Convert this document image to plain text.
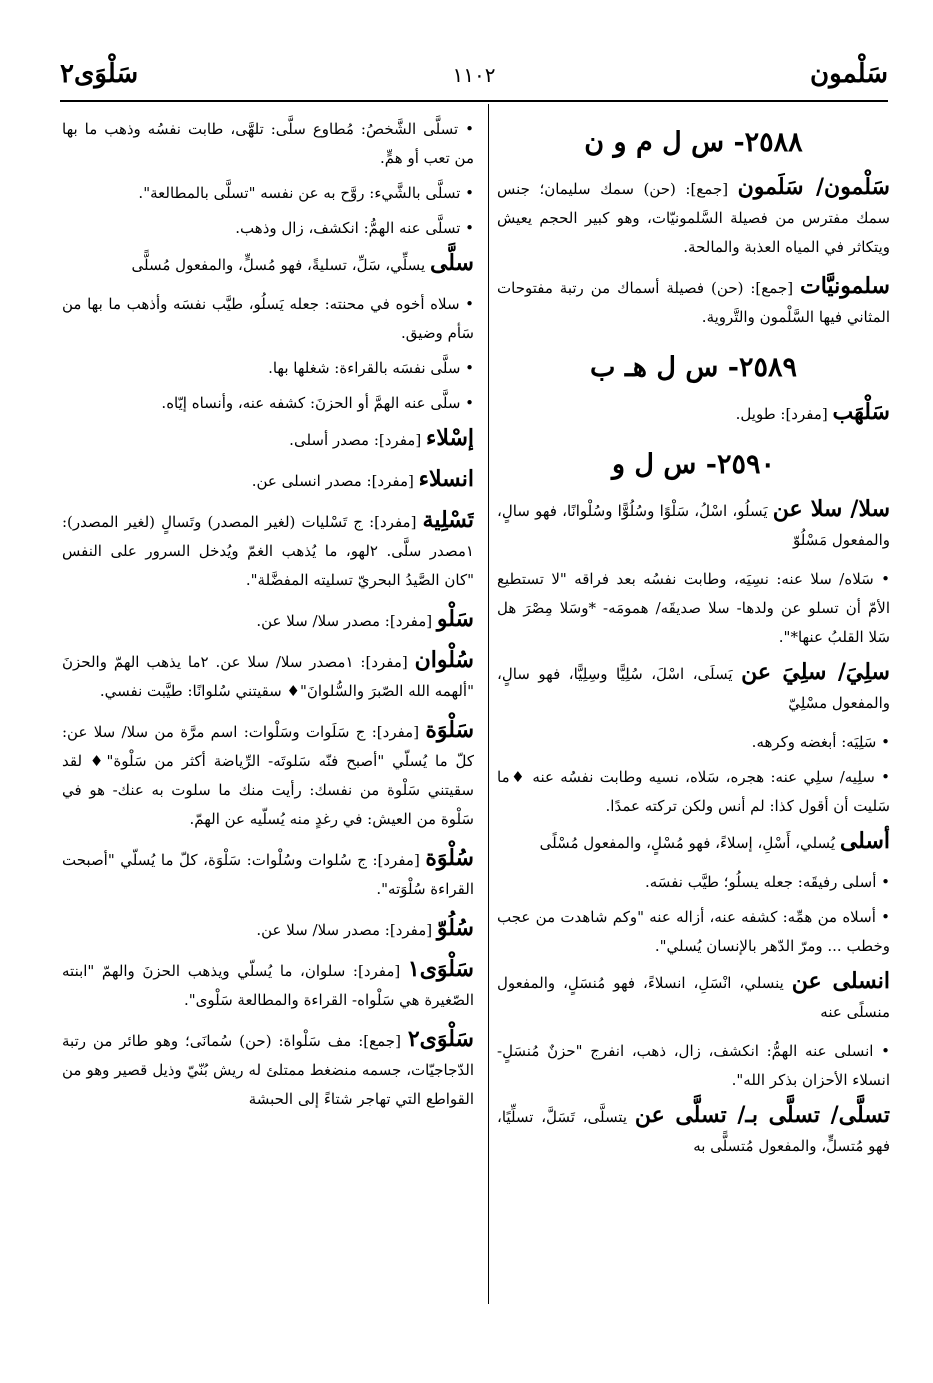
سَلْمون
١١٠٢
سَلْوَى٢
٢٥٨٨- س ل م و ن
سَلْمون/ سَلَمون [جمع]: (حن) سمك سليمان؛ جنس سمك مفترس من فصيلة السَّلمونيّات، وهو كبير الحجم يعيش ويتكاثر في المياه العذبة والمالحة.
سلمونيَّات [جمع]: (حن) فصيلة أسماك من رتبة مفتوحات المثاني فيها السَّلْمون والتَّروية.
٢٥٨٩- س ل هـ ب
سَلْهَب [مفرد]: طويل.
٢٥٩٠- س ل و
سلا/ سلا عن يَسلُو، اسْلُ، سَلْوًا وسُلُوًّا وسُلْوانًا، فهو سالٍ، والمفعول مَسْلُوّ
• سَلاه/ سلا عنه: نسِيَه، وطابت نفسُه بعد فراقه "لا تستطيع الأمّ أن تسلو عن ولدها- سلا صديقَه/ همومَه- *وسَلا مِصْرَ هل سَلا القلبُ عنها*".
سلِيَ/ سلِيَ عن يَسلَى، اسْلَ، سُلِيًّا وسِلِيًّا، فهو سالٍ، والمفعول مسْلِيّ
• سَلِيَه: أبغضه وكرهه.
• سلِيه/ سلِي عنه: هجره، سَلاه، نسيه وطابت نفسُه عنه ♦ما سَليت أن أقول كذا: لم أنس ولكن تركته عمدًا.
أسلى يُسلي، أَسْلِ، إسلاءً، فهو مُسْلٍ، والمفعول مُسْلًى
• أسلى رفيقَه: جعله يسلُو؛ طيَّب نفسَه.
• أسلاه من همِّه: كشفه عنه، أزاله عنه "وكم شاهدت من عجب وخطب ... ومرّ الدّهر بالإنسان يُسلي".
انسلى عن ينسلي، انْسَلِ، انسلاءً، فهو مُنسَلٍ، والمفعول منسلًى عنه
• انسلى عنه الهمُّ: انكشف، زال، ذهب، انفرج "حزنٌ مُنسَلٍ- انسلاء الأحزان بذكر الله".
تسلَّى/ تسلَّى بـ/ تسلَّى عن يتسلَّى، تَسَلَّ، تسلِّيًا، فهو مُتسلٍّ، والمفعول مُتسلًّى به
• تسلَّى الشَّخصُ: مُطاوع سلَّى: تلهَّى، طابت نفسُه وذهب ما بها من تعب أو همٍّ.
• تسلَّى بالشَّيء: روَّح به عن نفسه "تسلَّى بالمطالعة".
• تسلَّى عنه الهمُّ: انكشف، زال وذهب.
سلَّى يسلِّي، سَلِّ، تسليةً، فهو مُسلٍّ، والمفعول مُسلًّى
• سلاه أخوه في محنته: جعله يَسلُو، طيَّب نفسَه وأذهب ما بها من سَأم وضيق.
• سلَّى نفسَه بالقراءة: شغلها بها.
• سلَّى عنه الهمَّ أو الحزنَ: كشفه عنه، وأنساه إيّاه.
إسْلاء [مفرد]: مصدر أسلى.
انسلاء [مفرد]: مصدر انسلى عن.
تَسْلِية [مفرد]: ج تَسْليات (لغير المصدر) وتَسالٍ (لغير المصدر): ١مصدر سلَّى. ٢لهو، ما يُذهب الغمّ ويُدخل السرور على النفس "كان الصَّيدُ البحريّ تسليته المفضَّلة".
سَلْو [مفرد]: مصدر سلا/ سلا عن.
سُلْوان [مفرد]: ١مصدر سلا/ سلا عن. ٢ما يذهب الهمّ والحزنَ "ألهمه الله الصّبرَ والسُّلوانَ"♦ سقيتني سُلوانًا: طيَّبت نفسي.
سَلْوَة [مفرد]: ج سَلَوات وسَلْوات: اسم مرَّة من سلا/ سلا عن: كلّ ما يُسلّي "أصبح فنّه سَلوتَه- الرِّياضة أكثر من سَلْوة"♦ لقد سقيتني سَلْوة من نفسك: رأيت منك ما سلوت به عنك- هو في سَلْوة من العيش: في رغدٍ منه يُسلّيه عن الهمّ.
سُلْوَة [مفرد]: ج سُلوات وسُلْوات: سَلْوَة، كلّ ما يُسلّي "أصبحت القراءة سُلْوَته".
سُلُوّ [مفرد]: مصدر سلا/ سلا عن.
سَلْوَى١ [مفرد]: سلوان، ما يُسلّي ويذهب الحزنَ والهمّ "ابنته الصّغيرة هي سَلْواه- القراءة والمطالعة سَلْوى".
سَلْوَى٢ [جمع]: مف سَلْواة: (حن) سُمانَى؛ وهو طائر من رتبة الدّجاجيّات، جسمه منضغط ممتلئ له ريش بُنّيّ وذيل قصير وهو من القواطع التي تهاجر شتاءً إلى الحبشة
